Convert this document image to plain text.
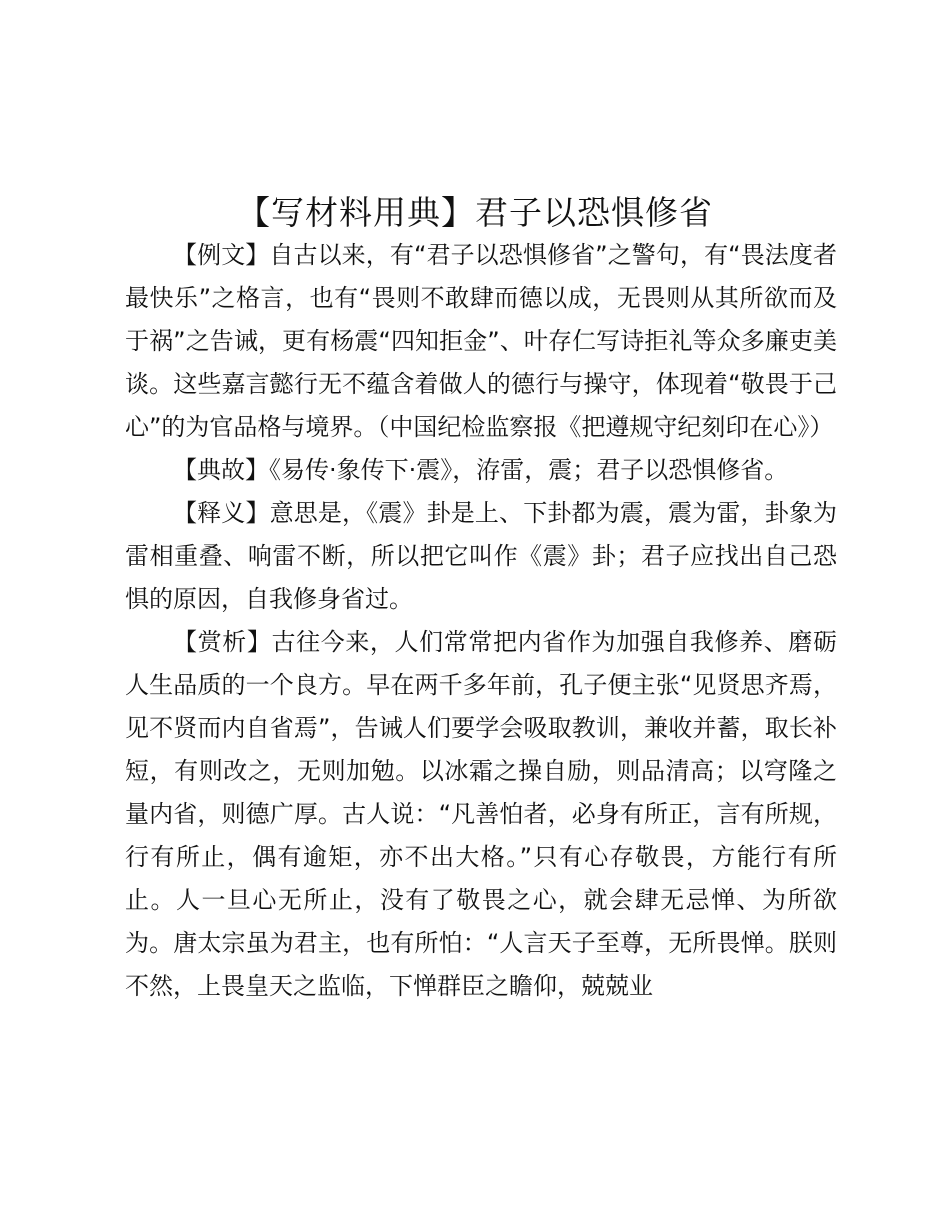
【写材料用典】君子以恐惧修省

【例文】自古以来，有“君子以恐惧修省”之警句，有“畏法度者最快乐”之格言，也有“畏则不敢肆而德以成，无畏则从其所欲而及于祸”之告诫，更有杨震“四知拒金”、叶存仁写诗拒礼等众多廉吏美谈。这些嘉言懿行无不蕴含着做人的德行与操守，体现着“敬畏于己心”的为官品格与境界。（中国纪检监察报《把遵规守纪刻印在心》）

【典故】《易传·象传下·震》，洊雷，震；君子以恐惧修省。

【释义】意思是，《震》卦是上、下卦都为震，震为雷，卦象为雷相重叠、响雷不断，所以把它叫作《震》卦；君子应找出自己恐惧的原因，自我修身省过。

【赏析】古往今来，人们常常把内省作为加强自我修养、磨砺人生品质的一个良方。早在两千多年前，孔子便主张“见贤思齐焉，见不贤而内自省焉”，告诫人们要学会吸取教训，兼收并蓄，取长补短，有则改之，无则加勉。以冰霜之操自励，则品清高；以穹隆之量内省，则德广厚。古人说：“凡善怕者，必身有所正，言有所规，行有所止，偶有逾矩，亦不出大格。”只有心存敬畏，方能行有所止。人一旦心无所止，没有了敬畏之心，就会肆无忌惮、为所欲为。唐太宗虽为君主，也有所怕：“人言天子至尊，无所畏惮。朕则不然，上畏皇天之监临，下惮群臣之瞻仰，兢兢业
